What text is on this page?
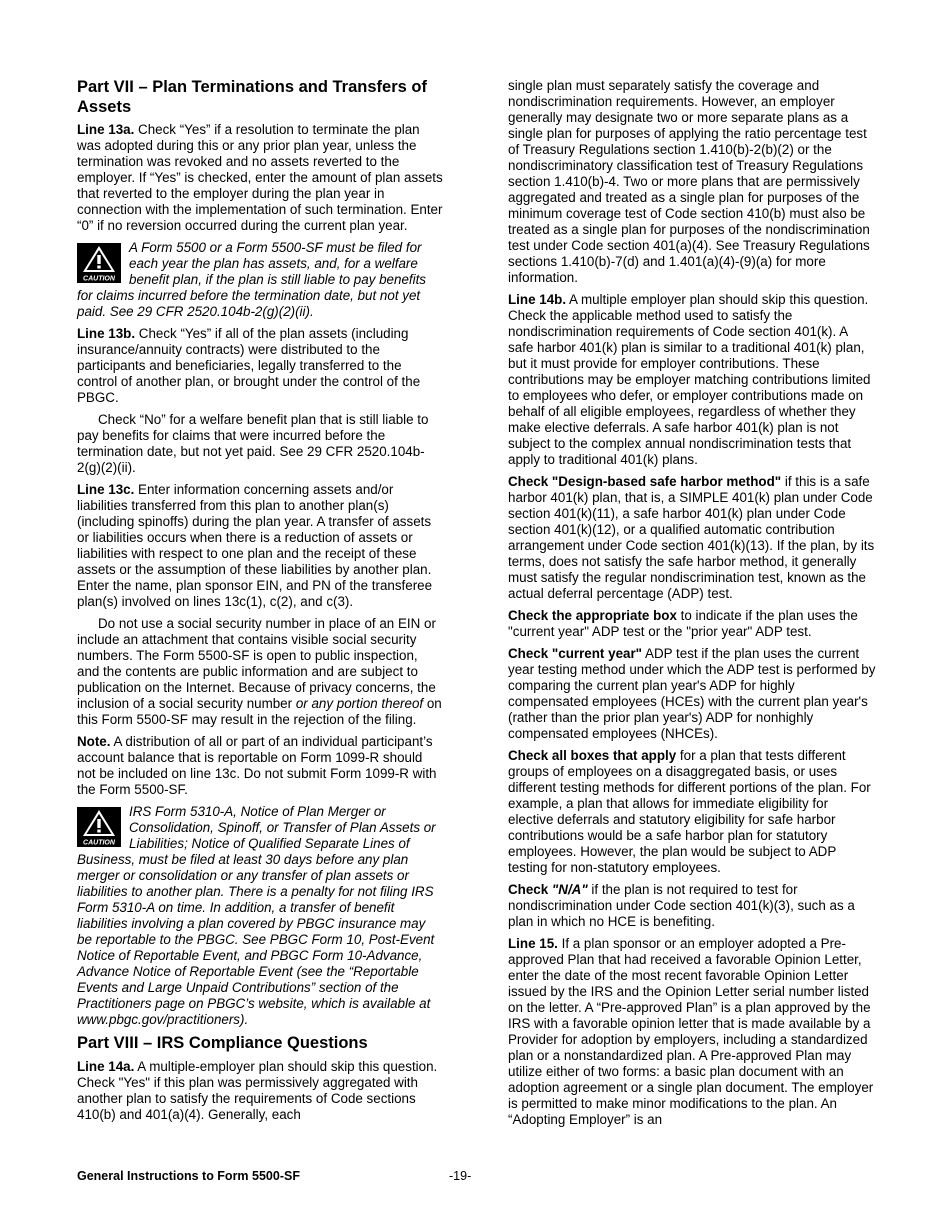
Part VII – Plan Terminations and Transfers of Assets

Line 13a. Check “Yes” if a resolution to terminate the plan was adopted during this or any prior plan year, unless the termination was revoked and no assets reverted to the employer. If “Yes” is checked, enter the amount of plan assets that reverted to the employer during the plan year in connection with the implementation of such termination. Enter “0” if no reversion occurred during the current plan year.

A Form 5500 or a Form 5500-SF must be filed for each year the plan has assets, and, for a welfare benefit plan, if the plan is still liable to pay benefits for claims incurred before the termination date, but not yet paid. See 29 CFR 2520.104b-2(g)(2)(ii).

Line 13b. Check “Yes” if all of the plan assets (including insurance/annuity contracts) were distributed to the participants and beneficiaries, legally transferred to the control of another plan, or brought under the control of the PBGC.

Check “No” for a welfare benefit plan that is still liable to pay benefits for claims that were incurred before the termination date, but not yet paid. See 29 CFR 2520.104b-2(g)(2)(ii).

Line 13c. Enter information concerning assets and/or liabilities transferred from this plan to another plan(s) (including spinoffs) during the plan year. A transfer of assets or liabilities occurs when there is a reduction of assets or liabilities with respect to one plan and the receipt of these assets or the assumption of these liabilities by another plan. Enter the name, plan sponsor EIN, and PN of the transferee plan(s) involved on lines 13c(1), c(2), and c(3).

Do not use a social security number in place of an EIN or include an attachment that contains visible social security numbers. The Form 5500-SF is open to public inspection, and the contents are public information and are subject to publication on the Internet. Because of privacy concerns, the inclusion of a social security number or any portion thereof on this Form 5500-SF may result in the rejection of the filing.

Note. A distribution of all or part of an individual participant’s account balance that is reportable on Form 1099-R should not be included on line 13c. Do not submit Form 1099-R with the Form 5500-SF.

IRS Form 5310-A, Notice of Plan Merger or Consolidation, Spinoff, or Transfer of Plan Assets or Liabilities; Notice of Qualified Separate Lines of Business, must be filed at least 30 days before any plan merger or consolidation or any transfer of plan assets or liabilities to another plan. There is a penalty for not filing IRS Form 5310-A on time. In addition, a transfer of benefit liabilities involving a plan covered by PBGC insurance may be reportable to the PBGC. See PBGC Form 10, Post-Event Notice of Reportable Event, and PBGC Form 10-Advance, Advance Notice of Reportable Event (see the “Reportable Events and Large Unpaid Contributions” section of the Practitioners page on PBGC’s website, which is available at www.pbgc.gov/practitioners).
Part VIII – IRS Compliance Questions

Line 14a. A multiple-employer plan should skip this question. Check "Yes" if this plan was permissively aggregated with another plan to satisfy the requirements of Code sections 410(b) and 401(a)(4). Generally, each

single plan must separately satisfy the coverage and nondiscrimination requirements. However, an employer generally may designate two or more separate plans as a single plan for purposes of applying the ratio percentage test of Treasury Regulations section 1.410(b)-2(b)(2) or the nondiscriminatory classification test of Treasury Regulations section 1.410(b)-4. Two or more plans that are permissively aggregated and treated as a single plan for purposes of the minimum coverage test of Code section 410(b) must also be treated as a single plan for purposes of the nondiscrimination test under Code section 401(a)(4). See Treasury Regulations sections 1.410(b)-7(d) and 1.401(a)(4)-(9)(a) for more information.

Line 14b. A multiple employer plan should skip this question. Check the applicable method used to satisfy the nondiscrimination requirements of Code section 401(k). A safe harbor 401(k) plan is similar to a traditional 401(k) plan, but it must provide for employer contributions. These contributions may be employer matching contributions limited to employees who defer, or employer contributions made on behalf of all eligible employees, regardless of whether they make elective deferrals. A safe harbor 401(k) plan is not subject to the complex annual nondiscrimination tests that apply to traditional 401(k) plans.

Check "Design-based safe harbor method" if this is a safe harbor 401(k) plan, that is, a SIMPLE 401(k) plan under Code section 401(k)(11), a safe harbor 401(k) plan under Code section 401(k)(12), or a qualified automatic contribution arrangement under Code section 401(k)(13). If the plan, by its terms, does not satisfy the safe harbor method, it generally must satisfy the regular nondiscrimination test, known as the actual deferral percentage (ADP) test.

Check the appropriate box to indicate if the plan uses the "current year" ADP test or the "prior year" ADP test.

Check "current year" ADP test if the plan uses the current year testing method under which the ADP test is performed by comparing the current plan year's ADP for highly compensated employees (HCEs) with the current plan year's (rather than the prior plan year's) ADP for nonhighly compensated employees (NHCEs).

Check all boxes that apply for a plan that tests different groups of employees on a disaggregated basis, or uses different testing methods for different portions of the plan. For example, a plan that allows for immediate eligibility for elective deferrals and statutory eligibility for safe harbor contributions would be a safe harbor plan for statutory employees. However, the plan would be subject to ADP testing for non-statutory employees.

Check "N/A" if the plan is not required to test for nondiscrimination under Code section 401(k)(3), such as a plan in which no HCE is benefiting.

Line 15. If a plan sponsor or an employer adopted a Pre-approved Plan that had received a favorable Opinion Letter, enter the date of the most recent favorable Opinion Letter issued by the IRS and the Opinion Letter serial number listed on the letter. A “Pre-approved Plan” is a plan approved by the IRS with a favorable opinion letter that is made available by a Provider for adoption by employers, including a standardized plan or a nonstandardized plan. A Pre-approved Plan may utilize either of two forms: a basic plan document with an adoption agreement or a single plan document. The employer is permitted to make minor modifications to the plan. An “Adopting Employer” is an

General Instructions to Form 5500-SF	-19-
